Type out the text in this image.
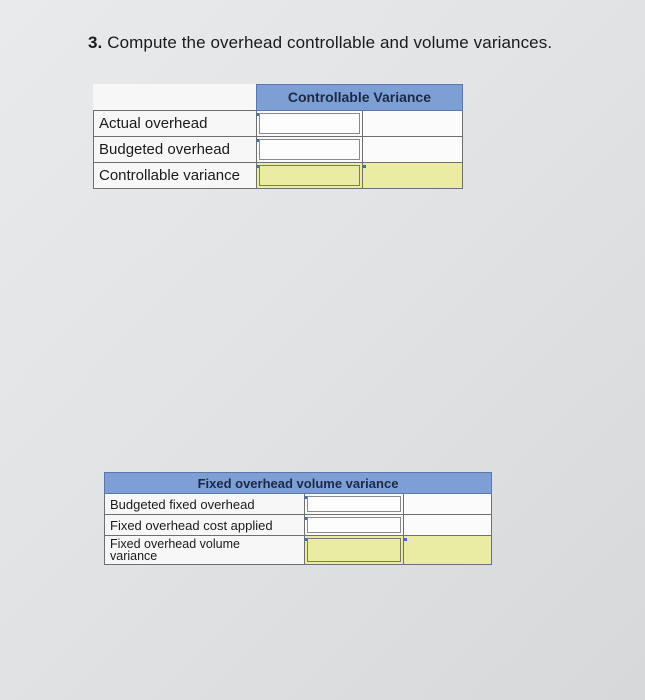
3. Compute the overhead controllable and volume variances.
	Controllable Variance	
Actual overhead	

Budgeted overhead	

Controllable variance	

Fixed overhead volume variance		
Budgeted fixed overhead	

Fixed overhead cost applied	

Fixed overhead volume variance	
